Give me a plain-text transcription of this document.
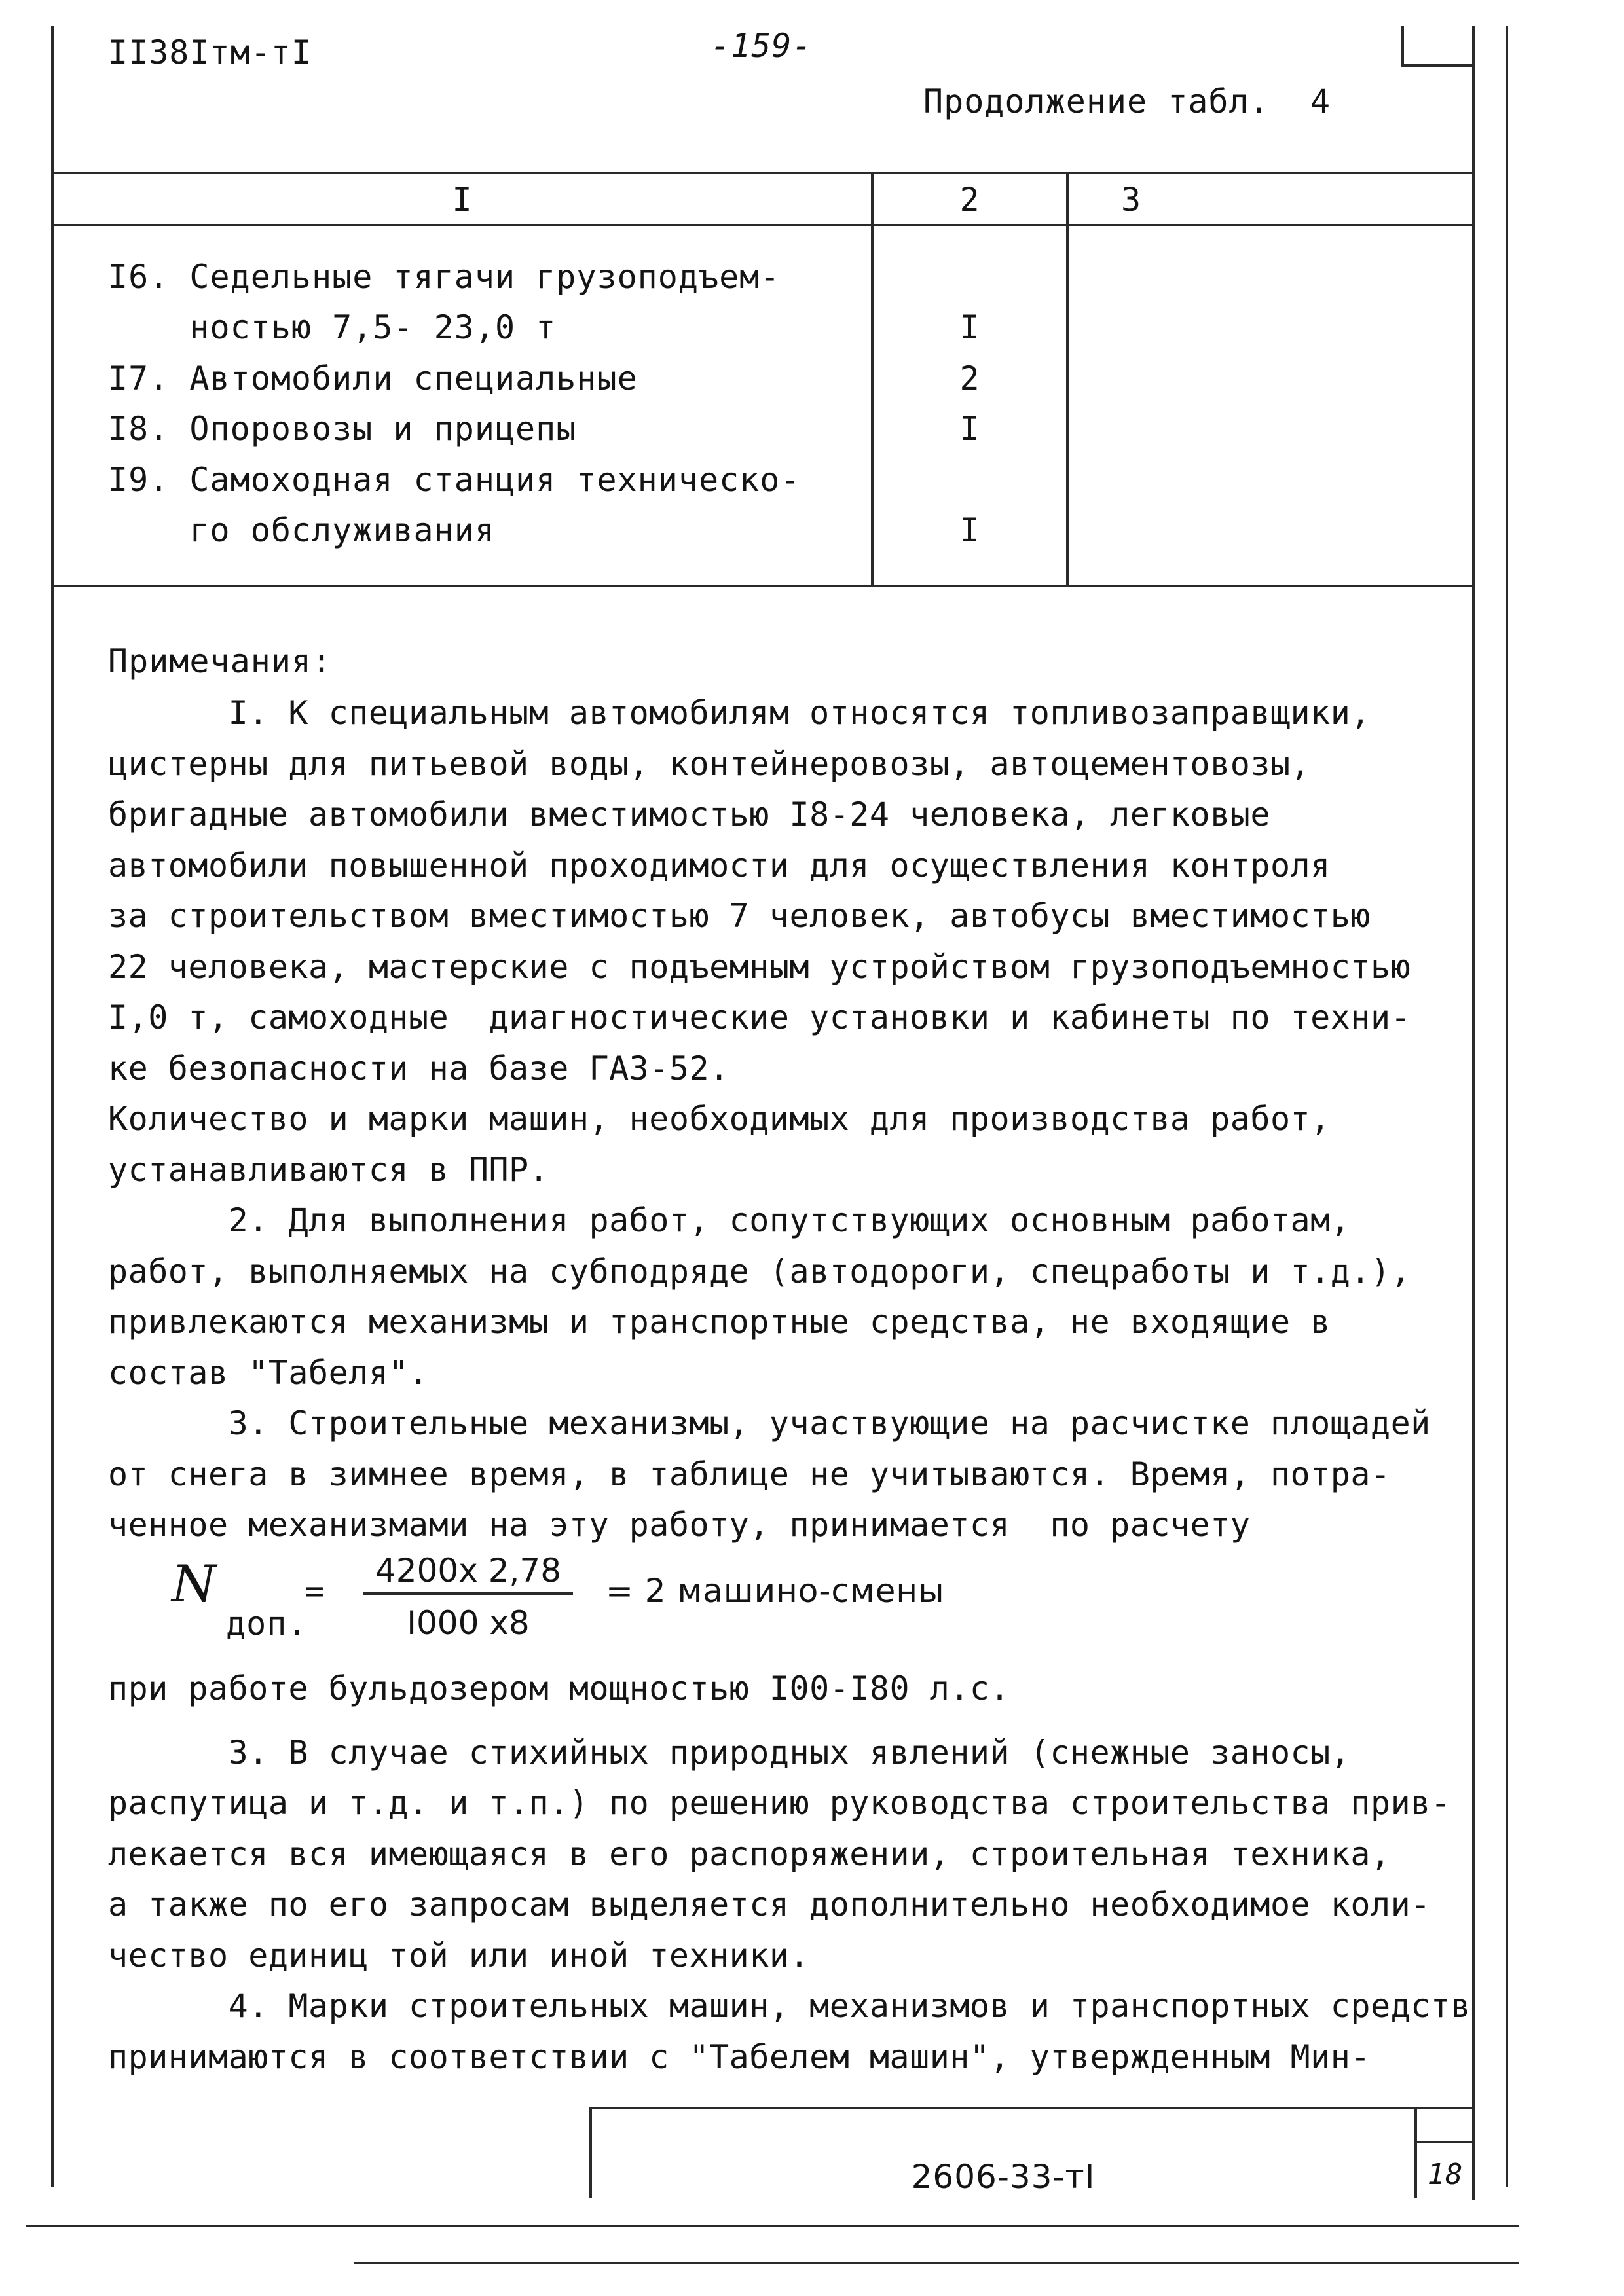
II38Iтм-тI	-159-
Продолжение табл.  4
I	2	3
I6. Седельные тягачи грузоподъем-
ностью 7,5- 23,0 т	I
I7. Автомобили специальные	2
I8. Опоровозы и прицепы	I
I9. Самоходная станция техническо-
го обслуживания	I
Примечания:
I. К специальным автомобилям относятся топливозаправщики,
цистерны для питьевой воды, контейнеровозы, автоцементовозы,
бригадные автомобили вместимостью I8-24 человека, легковые
автомобили повышенной проходимости для осуществления контроля
за строительством вместимостью 7 человек, автобусы вместимостью
22 человека, мастерские с подъемным устройством грузоподъемностью
I,0 т, самоходные  диагностические установки и кабинеты по техни-
ке безопасности на базе ГАЗ-52.
Количество и марки машин, необходимых для производства работ,
устанавливаются в ППР.
2. Для выполнения работ, сопутствующих основным работам,
работ, выполняемых на субподряде (автодороги, спецработы и т.д.),
привлекаются механизмы и транспортные средства, не входящие в
состав "Табеля".
3. Строительные механизмы, участвующие на расчистке площадей
от снега в зимнее время, в таблице не учитываются. Время, потра-
ченное механизмами на эту работу, принимается  по расчету
N
доп.
=
4200х 2,78
I000 х8
= 2 машино-смены
при работе бульдозером мощностью I00-I80 л.с.
3. В случае стихийных природных явлений (снежные заносы,
распутица и т.д. и т.п.) по решению руководства строительства прив-
лекается вся имеющаяся в его распоряжении, строительная техника,
а также по его запросам выделяется дополнительно необходимое коли-
чество единиц той или иной техники.
4. Марки строительных машин, механизмов и транспортных средств
принимаются в соответствии с "Табелем машин", утвержденным Мин-
2606-33-тI	18
